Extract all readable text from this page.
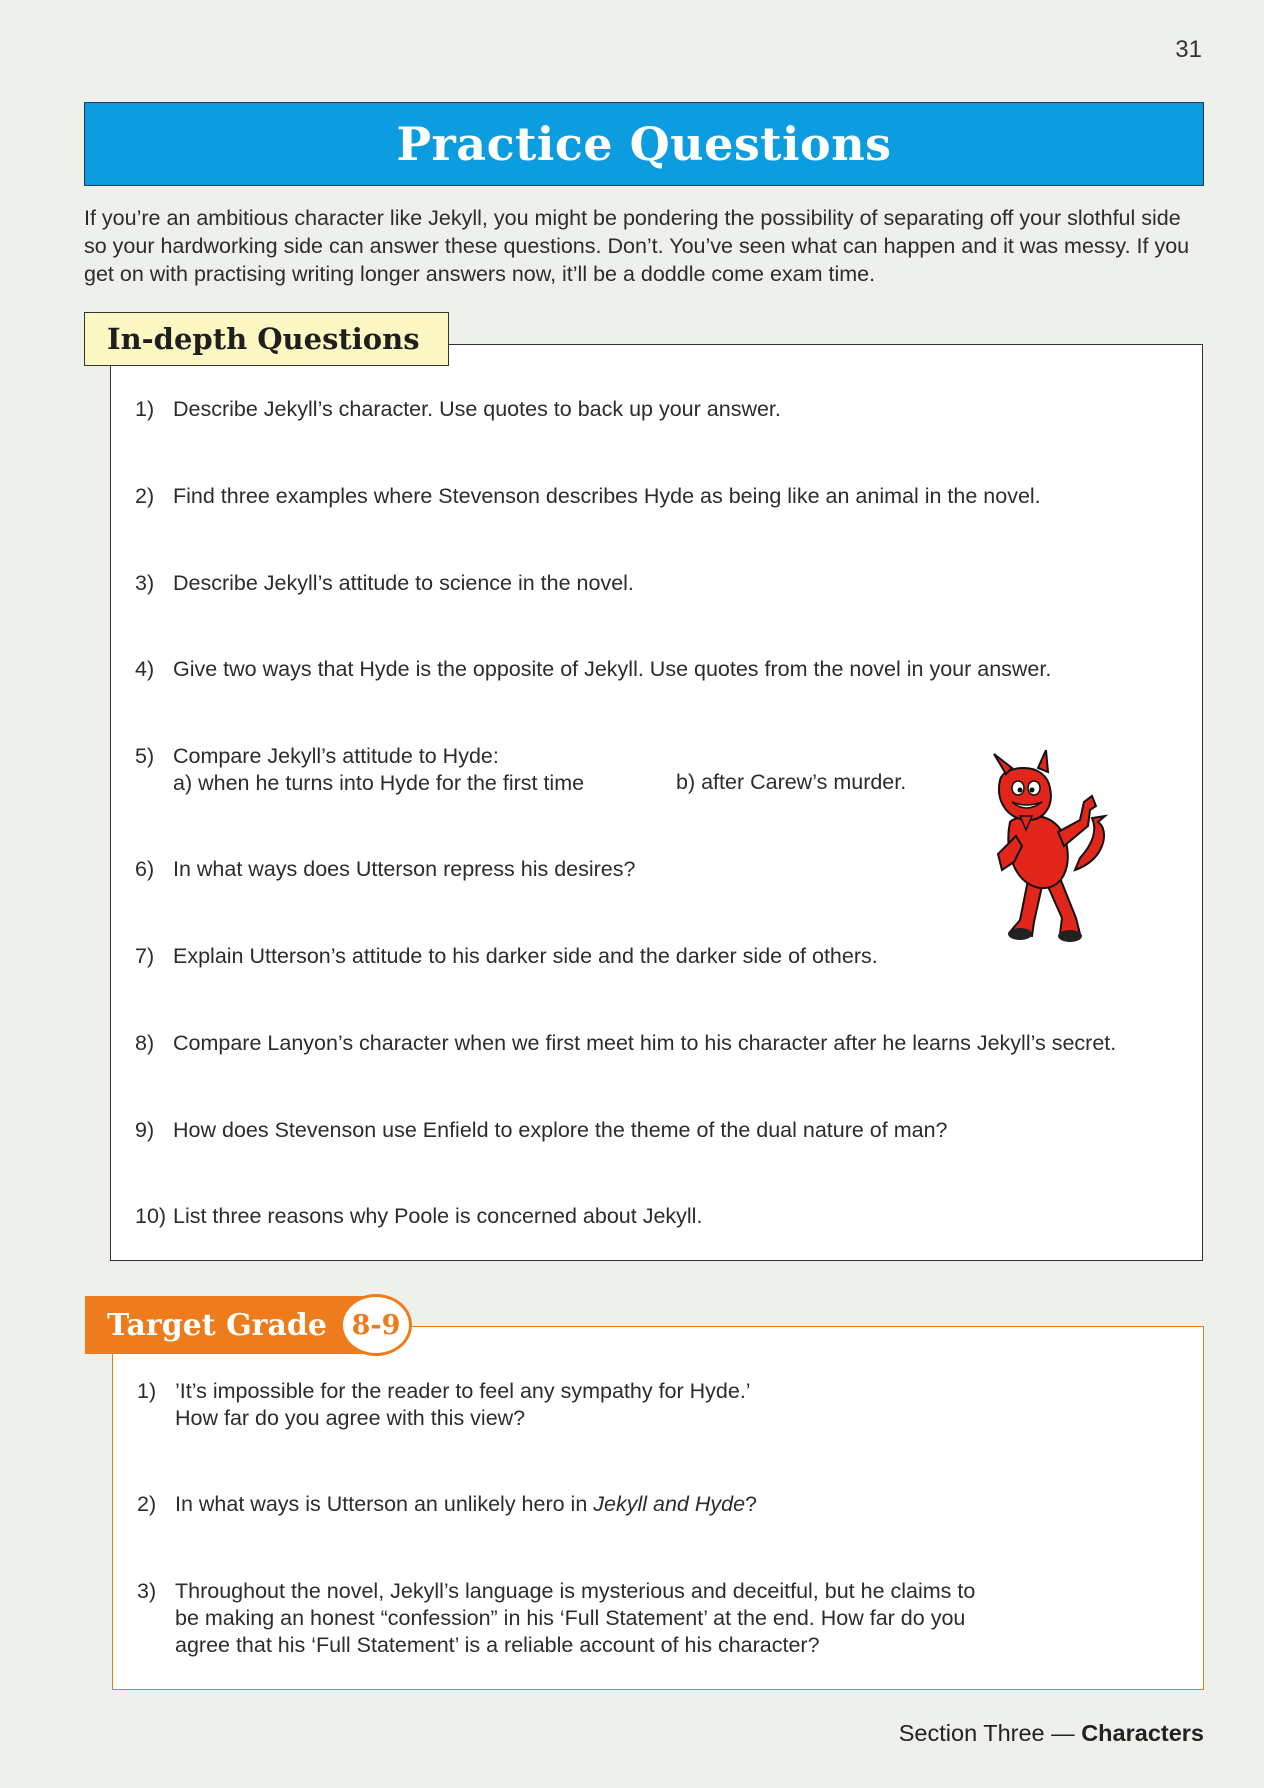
31
Practice Questions
If you’re an ambitious character like Jekyll, you might be pondering the possibility of separating off your slothful side so your hardworking side can answer these questions. Don’t. You’ve seen what can happen and it was messy. If you get on with practising writing longer answers now, it’ll be a doddle come exam time.
In-depth Questions
1) Describe Jekyll’s character. Use quotes to back up your answer.
2) Find three examples where Stevenson describes Hyde as being like an animal in the novel.
3) Describe Jekyll’s attitude to science in the novel.
4) Give two ways that Hyde is the opposite of Jekyll. Use quotes from the novel in your answer.
5) Compare Jekyll’s attitude to Hyde:
a) when he turns into Hyde for the first time	b) after Carew’s murder.
6) In what ways does Utterson repress his desires?
7) Explain Utterson’s attitude to his darker side and the darker side of others.
8) Compare Lanyon’s character when we first meet him to his character after he learns Jekyll’s secret.
9) How does Stevenson use Enfield to explore the theme of the dual nature of man?
10) List three reasons why Poole is concerned about Jekyll.
Target Grade 8-9
1) ’It’s impossible for the reader to feel any sympathy for Hyde.’
How far do you agree with this view?
2) In what ways is Utterson an unlikely hero in Jekyll and Hyde?
3) Throughout the novel, Jekyll’s language is mysterious and deceitful, but he claims to be making an honest “confession” in his ‘Full Statement’ at the end. How far do you agree that his ‘Full Statement’ is a reliable account of his character?
Section Three — Characters
